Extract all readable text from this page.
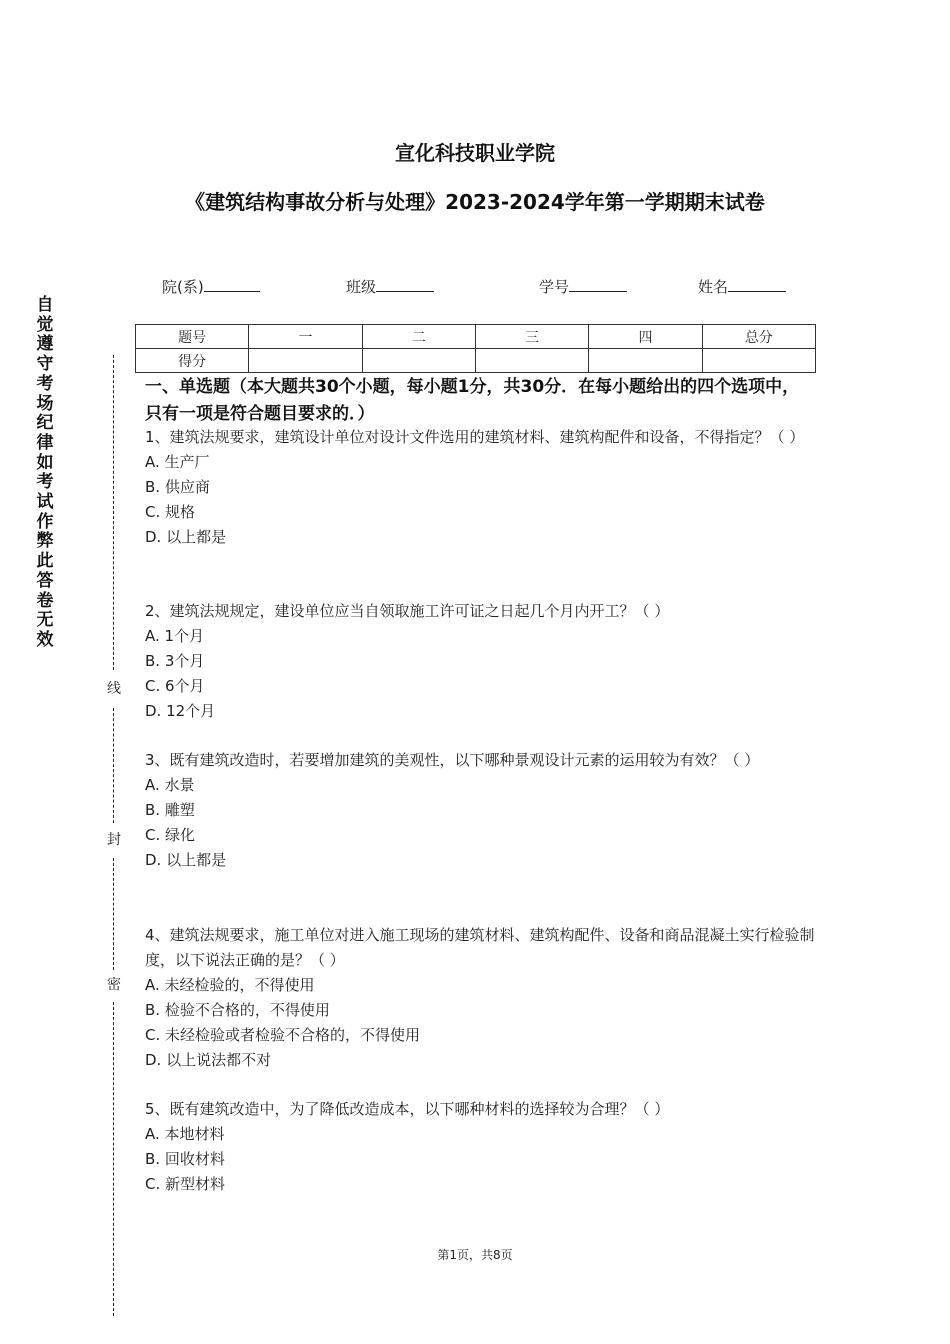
宣化科技职业学院
《建筑结构事故分析与处理》2023-2024学年第一学期期末试卷
院(系)	班级	学号	姓名
题号	一	二	三	四	总分
得分					
自觉遵守考场纪律如考试作弊此答卷无效
线
封
密
一、单选题（本大题共30个小题，每小题1分，共30分．在每小题给出的四个选项中，只有一项是符合题目要求的．）
1、建筑法规要求，建筑设计单位对设计文件选用的建筑材料、建筑构配件和设备，不得指定？（ ）
A. 生产厂
B. 供应商
C. 规格
D. 以上都是
2、建筑法规规定，建设单位应当自领取施工许可证之日起几个月内开工？（ ）
A. 1个月
B. 3个月
C. 6个月
D. 12个月
3、既有建筑改造时，若要增加建筑的美观性，以下哪种景观设计元素的运用较为有效？（ ）
A. 水景
B. 雕塑
C. 绿化
D. 以上都是
4、建筑法规要求，施工单位对进入施工现场的建筑材料、建筑构配件、设备和商品混凝土实行检验制度，以下说法正确的是？（ ）
A. 未经检验的，不得使用
B. 检验不合格的，不得使用
C. 未经检验或者检验不合格的，不得使用
D. 以上说法都不对
5、既有建筑改造中，为了降低改造成本，以下哪种材料的选择较为合理？（ ）
A. 本地材料
B. 回收材料
C. 新型材料
第1页，共8页
